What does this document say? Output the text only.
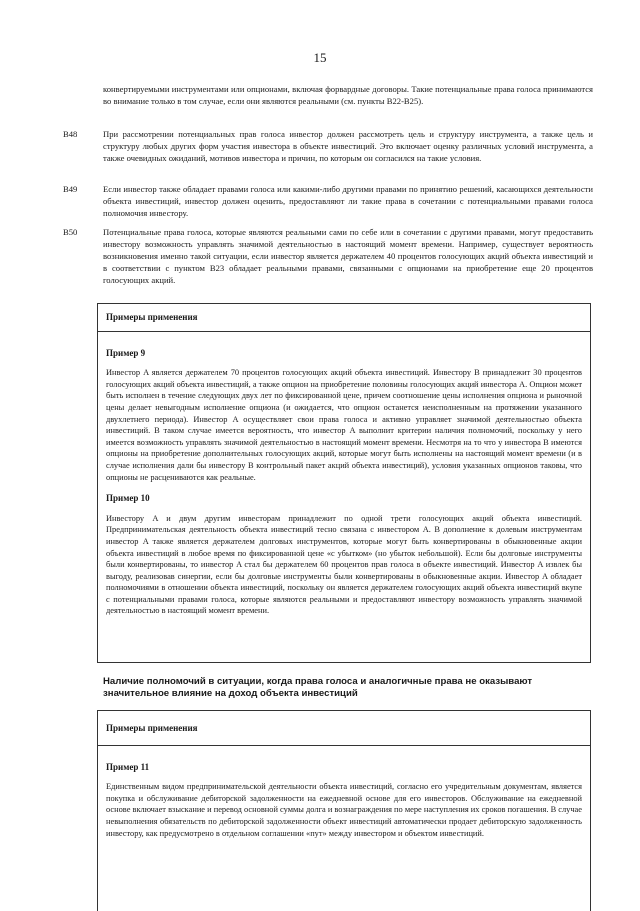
15

конвертируемыми инструментами или опционами, включая форвардные договоры. Такие потенциальные права голоса принимаются во внимание только в том случае, если они являются реальными (см. пункты B22-B25).

B48	При рассмотрении потенциальных прав голоса инвестор должен рассмотреть цель и структуру инструмента, а также цель и структуру любых других форм участия инвестора в объекте инвестиций. Это включает оценку различных условий инструмента, а также очевидных ожиданий, мотивов инвестора и причин, по которым он согласился на такие условия.
B49	Если инвестор также обладает правами голоса или какими-либо другими правами по принятию решений, касающихся деятельности объекта инвестиций, инвестор должен оценить, предоставляют ли такие права в сочетании с потенциальными правами голоса полномочия инвестору.
B50	Потенциальные права голоса, которые являются реальными сами по себе или в сочетании с другими правами, могут предоставить инвестору возможность управлять значимой деятельностью в настоящий момент времени. Например, существует вероятность возникновения именно такой ситуации, если инвестор является держателем 40 процентов голосующих акций объекта инвестиций и в соответствии с пунктом B23 обладает реальными правами, связанными с опционами на приобретение еще 20 процентов голосующих акций.
Примеры применения
Пример 9

Инвестор A является держателем 70 процентов голосующих акций объекта инвестиций. Инвестору B принадлежит 30 процентов голосующих акций объекта инвестиций, а также опцион на приобретение половины голосующих акций инвестора A. Опцион может быть исполнен в течение следующих двух лет по фиксированной цене, причем соотношение цены исполнения опциона и рыночной цены делает невыгодным исполнение опциона (и ожидается, что опцион останется неисполненным на протяжении указанного двухлетнего периода). Инвестор A осуществляет свои права голоса и активно управляет значимой деятельностью объекта инвестиций. В таком случае имеется вероятность, что инвестор A выполнит критерии наличия полномочий, поскольку у него имеется возможность управлять значимой деятельностью в настоящий момент времени. Несмотря на то что у инвестора B имеются опционы на приобретение дополнительных голосующих акций, которые могут быть исполнены на настоящий момент времени (и в случае исполнения дали бы инвестору B контрольный пакет акций объекта инвестиций), условия указанных опционов таковы, что опционы не расцениваются как реальные.

Пример 10

Инвестору A и двум другим инвесторам принадлежит по одной трети голосующих акций объекта инвестиций. Предпринимательская деятельность объекта инвестиций тесно связана с инвестором A. В дополнение к долевым инструментам инвестор A также является держателем долговых инструментов, которые могут быть конвертированы в обыкновенные акции объекта инвестиций в любое время по фиксированной цене «с убытком» (но убыток небольшой). Если бы долговые инструменты были конвертированы, то инвестор A стал бы держателем 60 процентов прав голоса в объекте инвестиций. Инвестор A извлек бы выгоду, реализовав синергии, если бы долговые инструменты были конвертированы в обыкновенные акции. Инвестор A обладает полномочиями в отношении объекта инвестиций, поскольку он является держателем голосующих акций объекта инвестиций вкупе с потенциальными правами голоса, которые являются реальными и предоставляют инвестору возможность управлять значимой деятельностью в настоящий момент времени.

Наличие полномочий в ситуации, когда права голоса и аналогичные права не оказывают значительное влияние на доход объекта инвестиций
Примеры применения
Пример 11

Единственным видом предпринимательской деятельности объекта инвестиций, согласно его учредительным документам, является покупка и обслуживание дебиторской задолженности на ежедневной основе для его инвесторов. Обслуживание на ежедневной основе включает взыскание и перевод основной суммы долга и вознаграждения по мере наступления их сроков погашения. В случае невыполнения обязательств по дебиторской задолженности объект инвестиций автоматически продает дебиторскую задолженность инвестору, как предусмотрено в отдельном соглашении «пут» между инвестором и объектом инвестиций.
